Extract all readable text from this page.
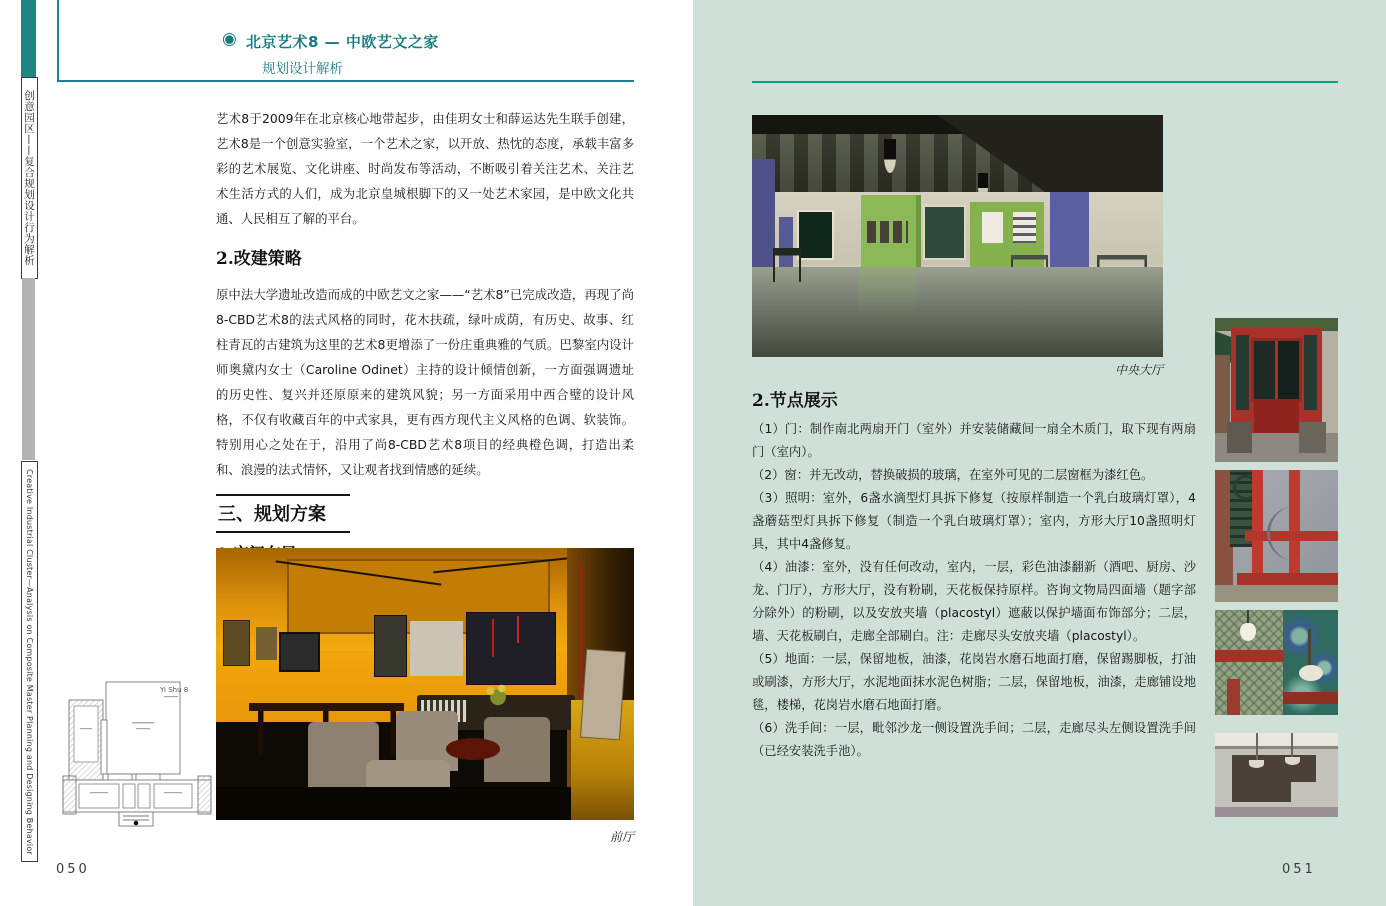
创意园区——复合规划设计行为解析
Creative Industrial Cluster—Analysis on Composite Master Planning and Designing Behavior
◉ 北京艺术8 — 中欧艺文之家
规划设计解析

艺术8于2009年在北京核心地带起步，由佳玥女士和薛运达先生联手创建，艺术8是一个创意实验室，一个艺术之家，以开放、热忱的态度，承载丰富多彩的艺术展览、文化讲座、时尚发布等活动，不断吸引着关注艺术、关注艺术生活方式的人们，成为北京皇城根脚下的又一处艺术家园，是中欧文化共通、人民相互了解的平台。

2.改建策略

原中法大学遗址改造而成的中欧艺文之家——“艺术8”已完成改造，再现了尚8-CBD艺术8的法式风格的同时，花木扶疏，绿叶成荫，有历史、故事、红柱青瓦的古建筑为这里的艺术8更增添了一份庄重典雅的气质。巴黎室内设计师奥黛内女士（Caroline Odinet）主持的设计倾情创新，一方面强调遗址的历史性、复兴并还原原来的建筑风貌；另一方面采用中西合璧的设计风格，不仅有收藏百年的中式家具，更有西方现代主义风格的色调、软装饰。特别用心之处在于，沿用了尚8-CBD艺术8项目的经典橙色调，打造出柔和、浪漫的法式情怀，又让观者找到情感的延续。

三、规划方案
Yi Shu 8
前厅
050
中央大厅
2.节点展示

（1）门：制作南北两扇开门（室外）并安装储藏间一扇全木质门，取下现有两扇门（室内）。

（2）窗：并无改动，替换破损的玻璃，在室外可见的二层窗框为漆红色。

（3）照明：室外，6盏水滴型灯具拆下修复（按原样制造一个乳白玻璃灯罩），4盏蘑菇型灯具拆下修复（制造一个乳白玻璃灯罩）；室内，方形大厅10盏照明灯具，其中4盏修复。

（4）油漆：室外，没有任何改动，室内，一层，彩色油漆翻新（酒吧、厨房、沙龙、门厅），方形大厅，没有粉刷，天花板保持原样。咨询文物局四面墙（题字部分除外）的粉刷，以及安放夹墙（placostyl）遮蔽以保护墙面布饰部分；二层，墙、天花板刷白，走廊全部刷白。注：走廊尽头安放夹墙（placostyl）。

（5）地面：一层，保留地板，油漆，花岗岩水磨石地面打磨，保留踢脚板，打油或刷漆，方形大厅，水泥地面抹水泥色树脂；二层，保留地板，油漆，走廊铺设地毯，楼梯，花岗岩水磨石地面打磨。

（6）洗手间：一层，毗邻沙龙一侧设置洗手间；二层，走廊尽头左侧设置洗手间（已经安装洗手池）。

051
